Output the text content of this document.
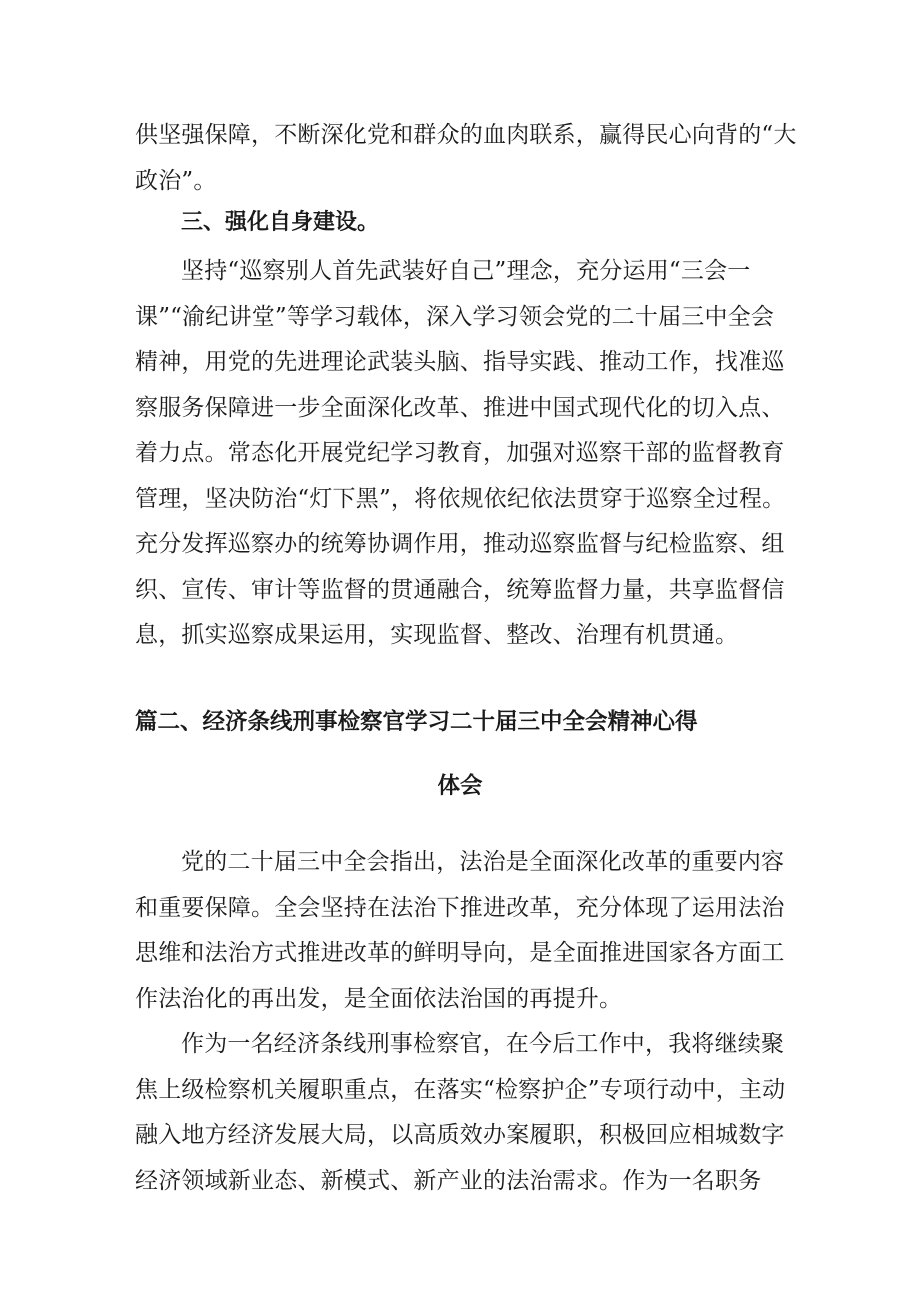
供坚强保障，不断深化党和群众的血肉联系，赢得民心向背的“大政治”。

三、强化自身建设。

坚持“巡察别人首先武装好自己”理念，充分运用“三会一课”“渝纪讲堂”等学习载体，深入学习领会党的二十届三中全会精神，用党的先进理论武装头脑、指导实践、推动工作，找准巡察服务保障进一步全面深化改革、推进中国式现代化的切入点、着力点。常态化开展党纪学习教育，加强对巡察干部的监督教育管理，坚决防治“灯下黑”，将依规依纪依法贯穿于巡察全过程。充分发挥巡察办的统筹协调作用，推动巡察监督与纪检监察、组织、宣传、审计等监督的贯通融合，统筹监督力量，共享监督信息，抓实巡察成果运用，实现监督、整改、治理有机贯通。

篇二、经济条线刑事检察官学习二十届三中全会精神心得
体会

党的二十届三中全会指出，法治是全面深化改革的重要内容和重要保障。全会坚持在法治下推进改革，充分体现了运用法治思维和法治方式推进改革的鲜明导向，是全面推进国家各方面工作法治化的再出发，是全面依法治国的再提升。

作为一名经济条线刑事检察官，在今后工作中，我将继续聚焦上级检察机关履职重点，在落实“检察护企”专项行动中，主动融入地方经济发展大局，以高质效办案履职，积极回应相城数字经济领域新业态、新模式、新产业的法治需求。作为一名职务
